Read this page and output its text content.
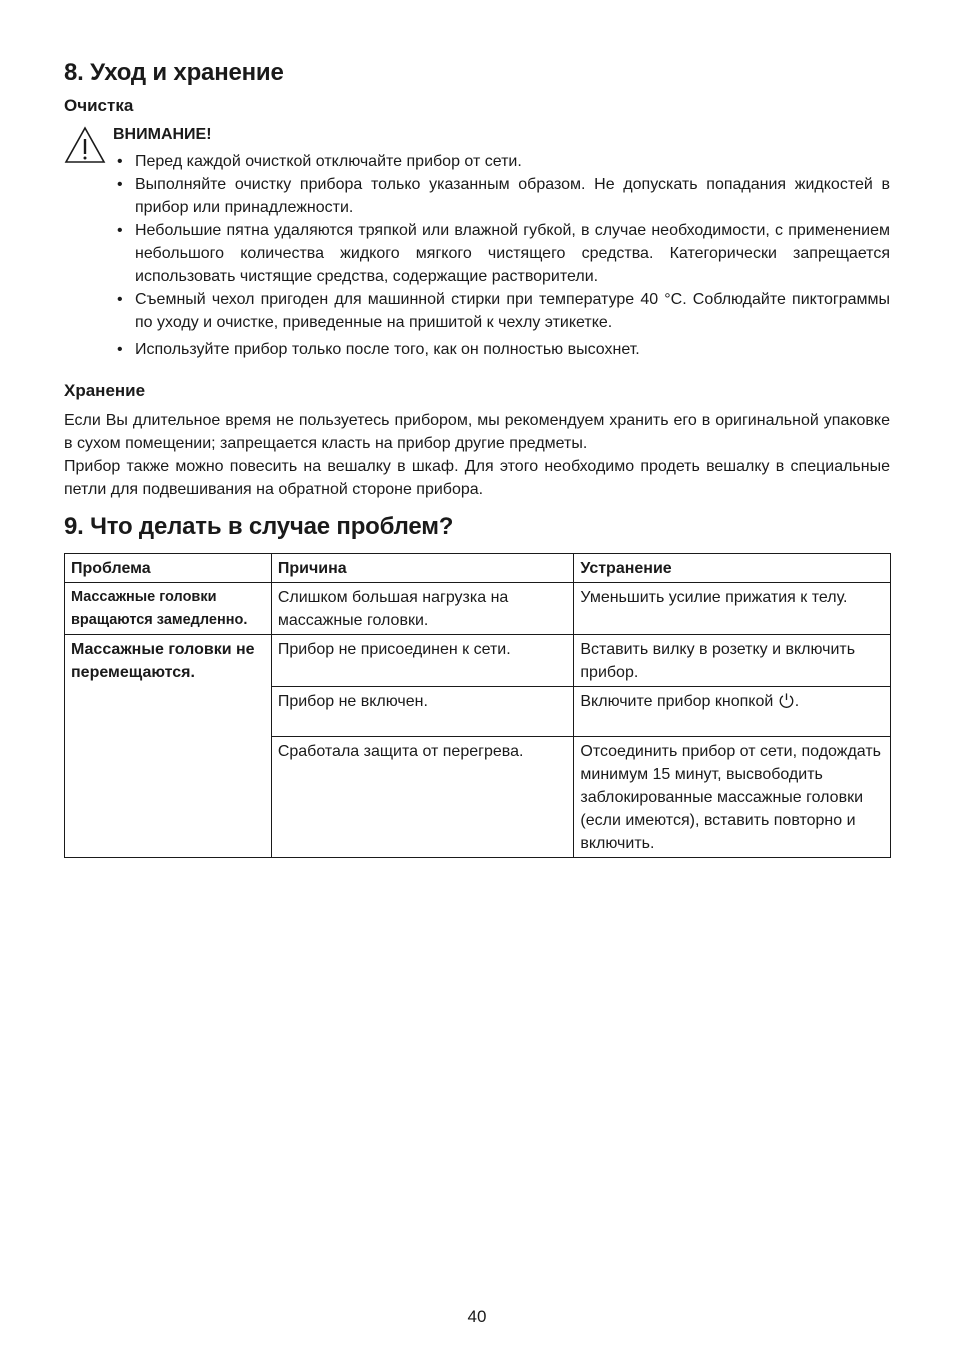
8. Уход и хранение
Очистка
ВНИМАНИЕ!
• Перед каждой очисткой отключайте прибор от сети.
• Выполняйте очистку прибора только указанным образом. Не допускать попадания жидкостей в прибор или принадлежности.
• Небольшие пятна удаляются тряпкой или влажной губкой, в случае необходимости, с применением небольшого количества жидкого мягкого чистящего средства. Категорически запрещается использовать чистящие средства, содержащие растворители.
• Съемный чехол пригоден для машинной стирки при температуре 40 °C. Соблюдайте пиктограммы по уходу и очистке, приведенные на пришитой к чехлу этикетке.
• Используйте прибор только после того, как он полностью высохнет.
Хранение

Если Вы длительное время не пользуетесь прибором, мы рекомендуем хранить его в оригинальной упаковке в сухом помещении; запрещается класть на прибор другие предметы.

Прибор также можно повесить на вешалку в шкаф. Для этого необходимо продеть вешалку в специальные петли для подвешивания на обратной стороне прибора.

9. Что делать в случае проблем?
Проблема	Причина	Устранение
Массажные головки вращаются замедленно.	Слишком большая нагрузка на массажные головки.	Уменьшить усилие прижатия к телу.
Массажные головки не перемещаются.	Прибор не присоединен к сети.	Вставить вилку в розетку и включить прибор.
	Прибор не включен.	Включите прибор кнопкой .
	Сработала защита от перегрева.	Отсоединить прибор от сети, подождать минимум 15 минут, высвободить заблокированные массажные головки (если имеются), вставить повторно и включить.
40
